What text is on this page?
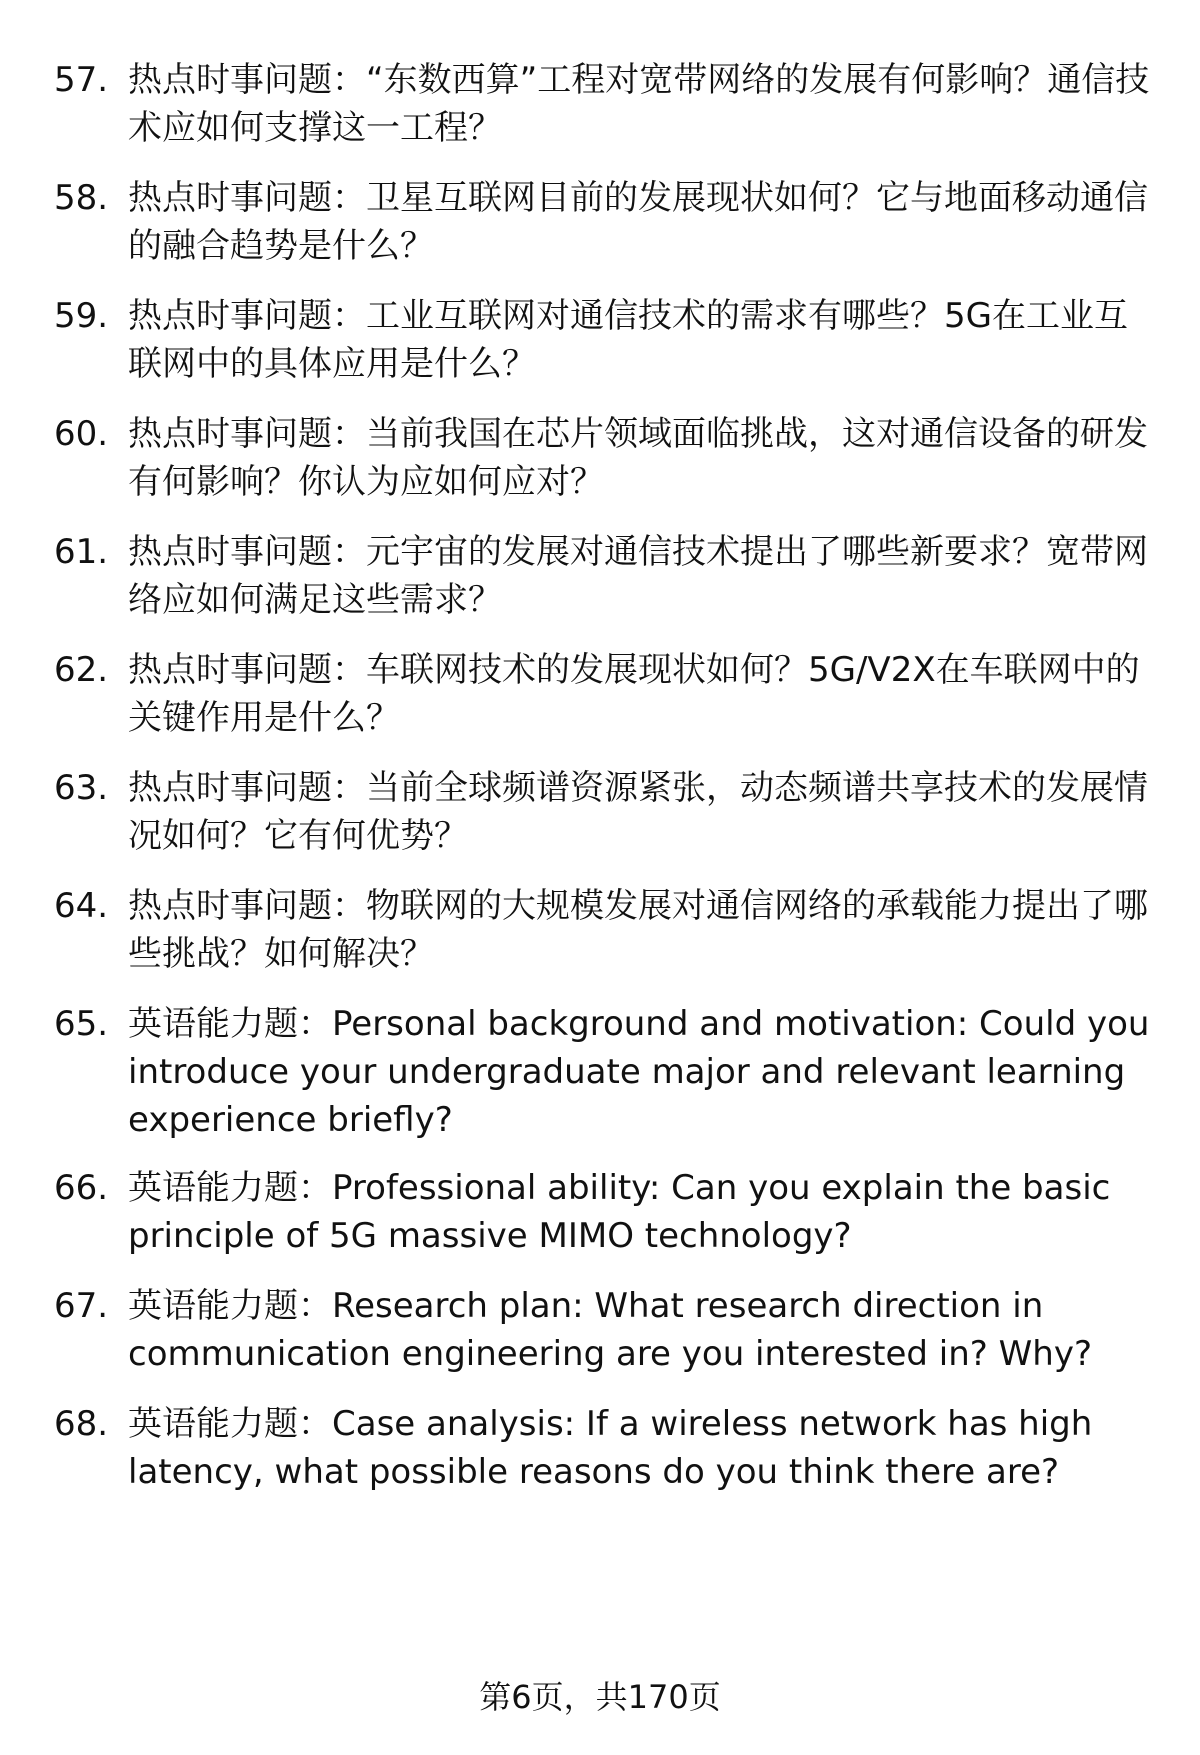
57. 热点时事问题：“东数西算”工程对宽带网络的发展有何影响？通信技术应如何支撑这一工程？
58. 热点时事问题：卫星互联网目前的发展现状如何？它与地面移动通信的融合趋势是什么？
59. 热点时事问题：工业互联网对通信技术的需求有哪些？5G在工业互联网中的具体应用是什么？
60. 热点时事问题：当前我国在芯片领域面临挑战，这对通信设备的研发有何影响？你认为应如何应对？
61. 热点时事问题：元宇宙的发展对通信技术提出了哪些新要求？宽带网络应如何满足这些需求？
62. 热点时事问题：车联网技术的发展现状如何？5G/V2X在车联网中的关键作用是什么？
63. 热点时事问题：当前全球频谱资源紧张，动态频谱共享技术的发展情况如何？它有何优势？
64. 热点时事问题：物联网的大规模发展对通信网络的承载能力提出了哪些挑战？如何解决？
65. 英语能力题：Personal background and motivation: Could you introduce your undergraduate major and relevant learning experience briefly?
66. 英语能力题：Professional ability: Can you explain the basic principle of 5G massive MIMO technology?
67. 英语能力题：Research plan: What research direction in communication engineering are you interested in? Why?
68. 英语能力题：Case analysis: If a wireless network has high latency, what possible reasons do you think there are?
第6页，共170页
